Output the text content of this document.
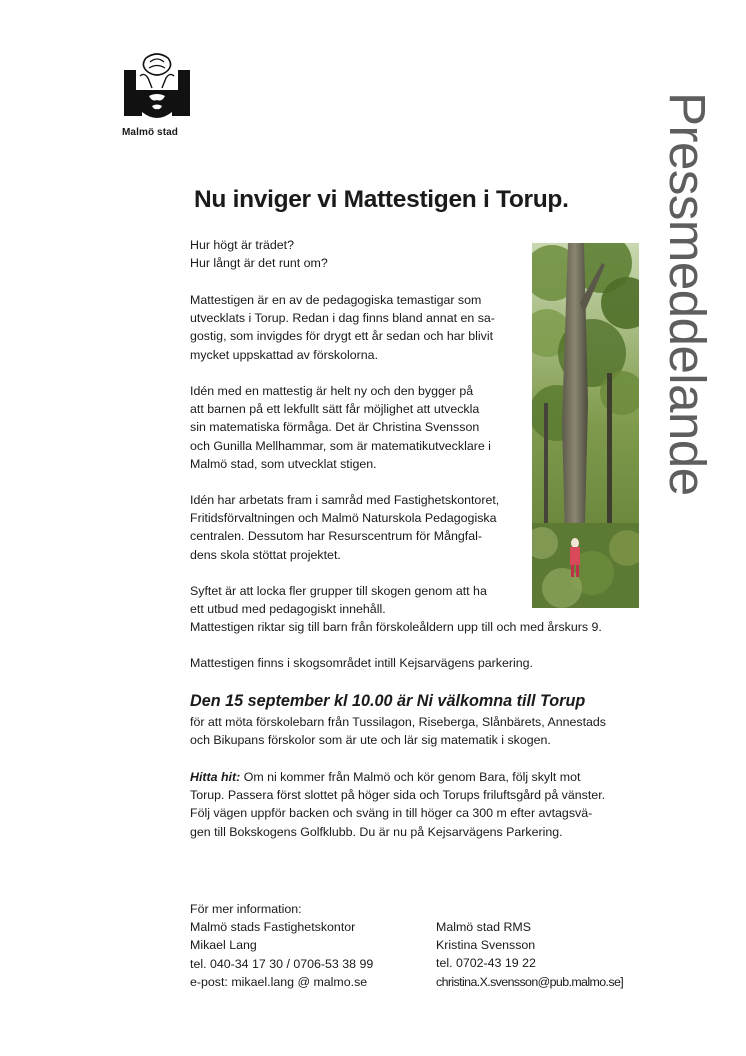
Malmö stad	Pressmeddelande
Nu inviger vi Mattestigen i Torup.

Hur högt är trädet?
Hur långt är det runt om?

Mattestigen är en av de pedagogiska temastigar som
utvecklats i Torup. Redan i dag finns bland annat en sa-
gostig, som invigdes för drygt ett år sedan och har blivit
mycket uppskattad av förskolorna.

Idén med en mattestig är helt ny och den bygger på
att barnen på ett lekfullt sätt får möjlighet att utveckla
sin matematiska förmåga. Det är Christina Svensson
och Gunilla Mellhammar, som är matematikutvecklare i
Malmö stad, som utvecklat stigen.

Idén har arbetats fram i samråd med Fastighetskontoret,
Fritidsförvaltningen och Malmö Naturskola Pedagogiska
centralen. Dessutom har Resurscentrum för Mångfal-
dens skola stöttat projektet.

Syftet är att locka fler grupper till skogen genom att ha
ett utbud med pedagogiskt innehåll.
Mattestigen riktar sig till barn från förskoleåldern upp till och med årskurs 9.

Mattestigen finns i skogsområdet intill Kejsarvägens parkering.

Den 15 september kl 10.00 är Ni välkomna till Torup

för att möta förskolebarn från Tussilagon, Riseberga, Slånbärets, Annestads
och Bikupans förskolor som är ute och lär sig matematik i skogen.

Hitta hit: Om ni kommer från Malmö och kör genom Bara, följ skylt mot
Torup. Passera först slottet på höger sida och Torups friluftsgård på vänster.
Följ vägen uppför backen och sväng in till höger ca 300 m efter avtagsvä-
gen till Bokskogens Golfklubb. Du är nu på Kejsarvägens Parkering.

För mer information:
Malmö stads Fastighetskontor
Mikael Lang
tel. 040-34 17 30 / 0706-53 38 99
e-post: mikael.lang @ malmo.se
Malmö stad RMS
Kristina Svensson
tel. 0702-43 19 22
christina.X.svensson@pub.malmo.se]
